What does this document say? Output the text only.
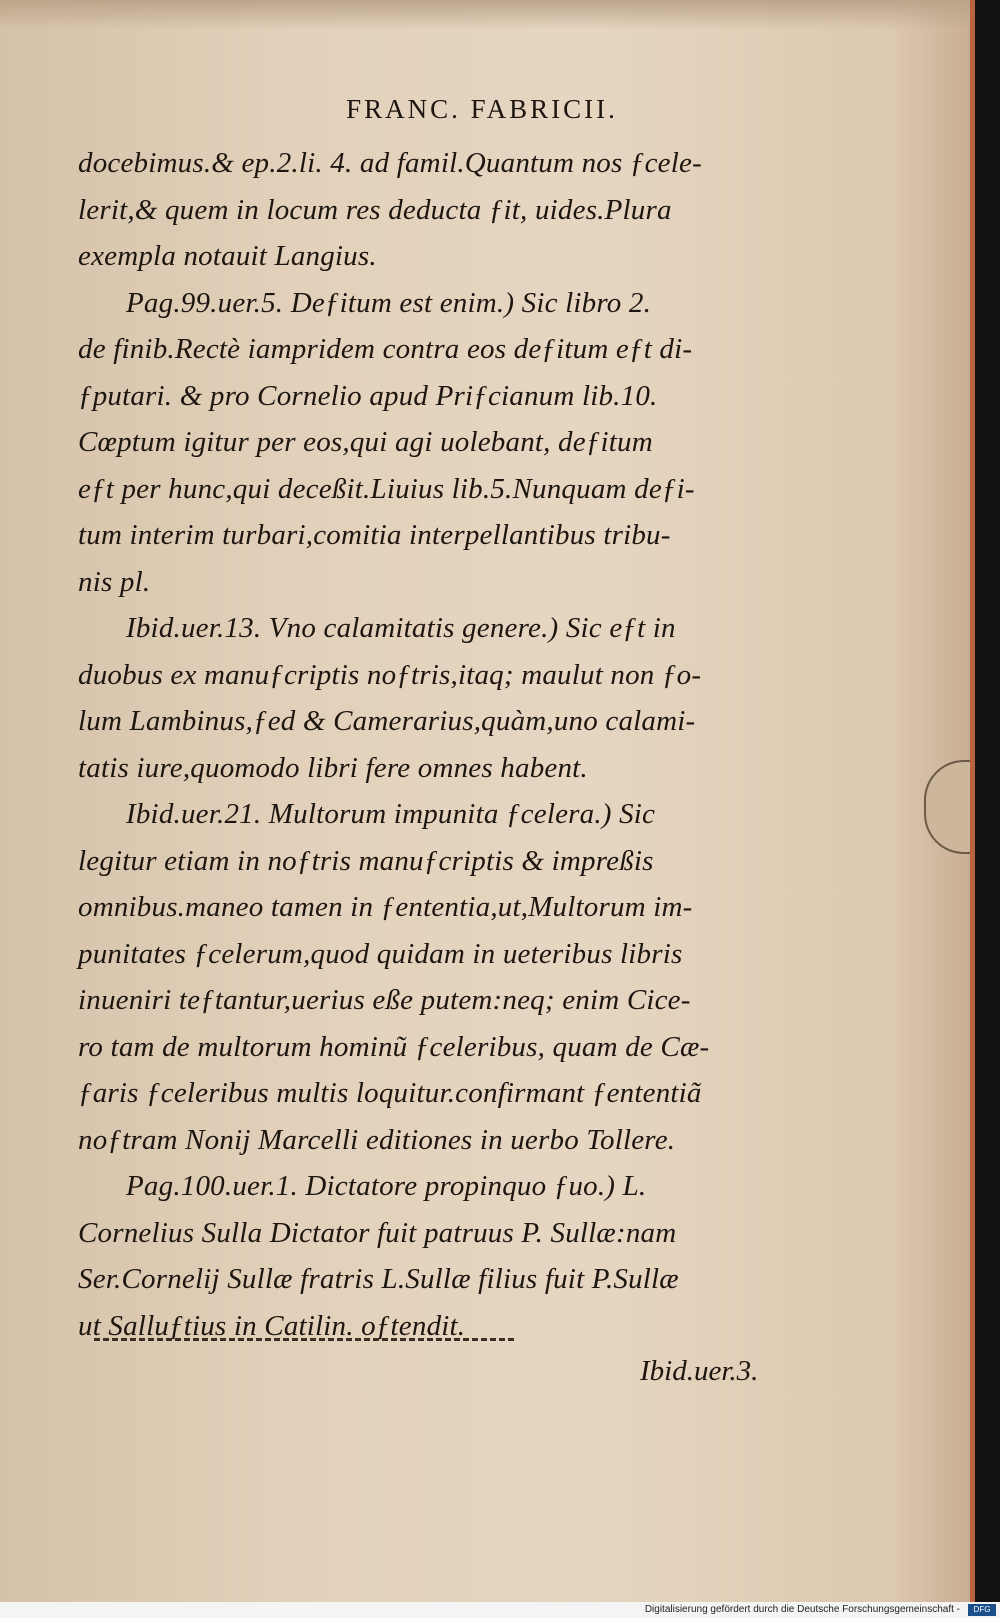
FRANC. FABRICII.
docebimus.& ep.2.li. 4. ad famil.Quantum nos ƒcele-
lerit,& quem in locum res deducta ƒit, uides.Plura
exempla notauit Langius.
Pag.99.uer.5. Deƒitum est enim.) Sic libro 2.
de finib.Rectè iampridem contra eos deƒitum eƒt di-
ƒputari. & pro Cornelio apud Priƒcianum lib.10.
Cœptum igitur per eos,qui agi uolebant, deƒitum
eƒt per hunc,qui deceßit.Liuius lib.5.Nunquam deƒi-
tum interim turbari,comitia interpellantibus tribu-
nis pl.
Ibid.uer.13. Vno calamitatis genere.) Sic eƒt in
duobus ex manuƒcriptis noƒtris,itaq; maulut non ƒo-
lum Lambinus,ƒed & Camerarius,quàm,uno calami-
tatis iure,quomodo libri fere omnes habent.
Ibid.uer.21. Multorum impunita ƒcelera.) Sic
legitur etiam in noƒtris manuƒcriptis & impreßis
omnibus.maneo tamen in ƒententia,ut,Multorum im-
punitates ƒcelerum,quod quidam in ueteribus libris
inueniri teƒtantur,uerius eße putem:neq; enim Cice-
ro tam de multorum hominũ ƒceleribus, quam de Cæ-
ƒaris ƒceleribus multis loquitur.confirmant ƒententiã
noƒtram Nonij Marcelli editiones in uerbo Tollere.
Pag.100.uer.1. Dictatore propinquo ƒuo.) L.
Cornelius Sulla Dictator fuit patruus P. Sullæ:nam
Ser.Cornelij Sullæ fratris L.Sullæ filius fuit P.Sullæ
ut Salluƒtius in Catilin. oƒtendit.
Ibid.uer.3.
Digitalisierung gefördert durch die Deutsche Forschungsgemeinschaft -	DFG
